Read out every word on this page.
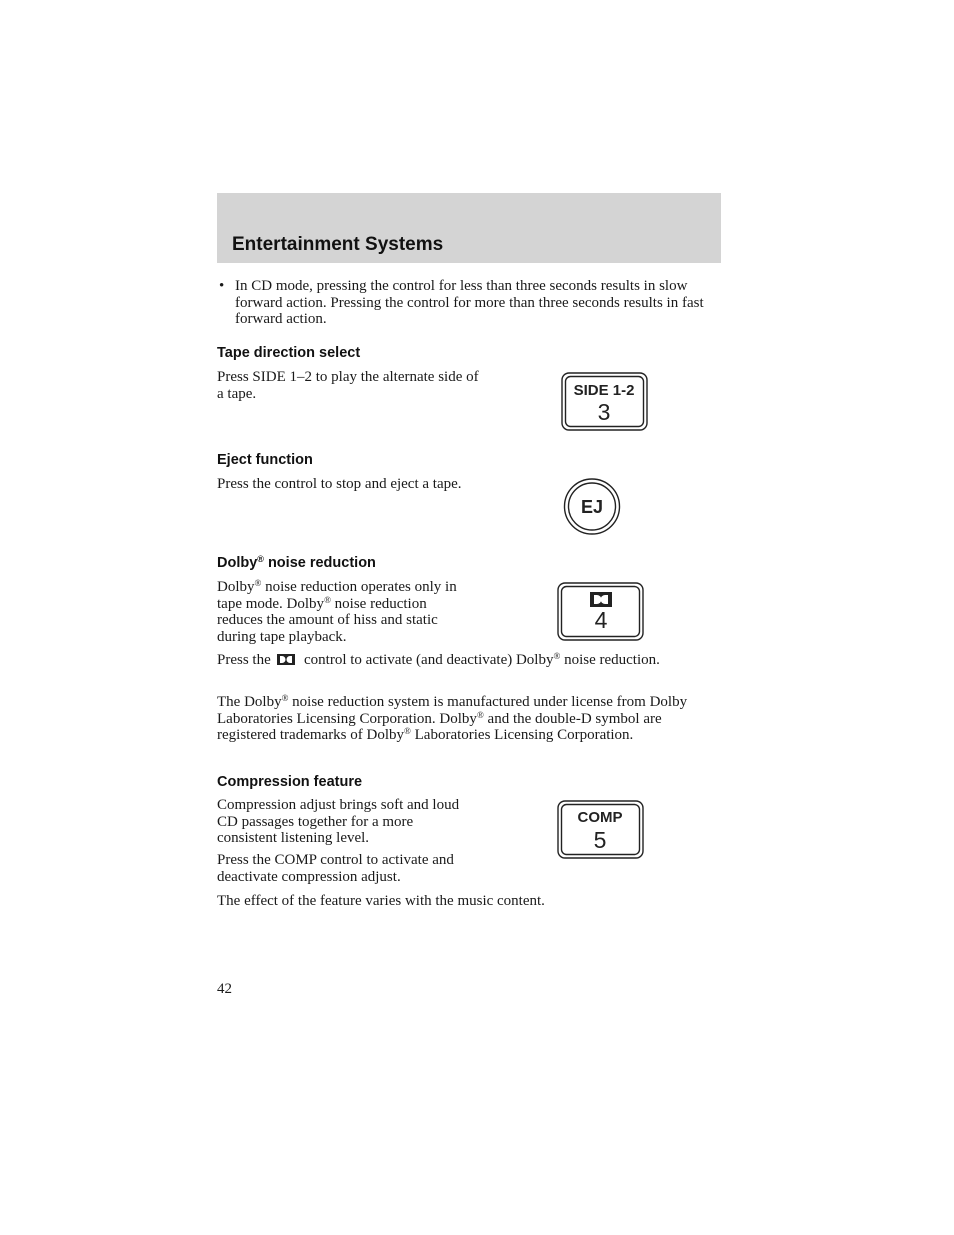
Entertainment Systems
• In CD mode, pressing the control for less than three seconds results in slow forward action. Pressing the control for more than three seconds results in fast forward action.

Tape direction select

Press SIDE 1–2 to play the alternate side of a tape.	SIDE 1-2
3
Eject function

Press the control to stop and eject a tape.

EJ
Dolby® noise reduction

Dolby® noise reduction operates only in tape mode. Dolby® noise reduction reduces the amount of hiss and static during tape playback.

4

Press the control to activate (and deactivate) Dolby® noise reduction.

The Dolby® noise reduction system is manufactured under license from Dolby Laboratories Licensing Corporation. Dolby® and the double-D symbol are registered trademarks of Dolby® Laboratories Licensing Corporation.

Compression feature

Compression adjust brings soft and loud CD passages together for a more consistent listening level.

Press the COMP control to activate and deactivate compression adjust.

COMP
5

The effect of the feature varies with the music content.

42
